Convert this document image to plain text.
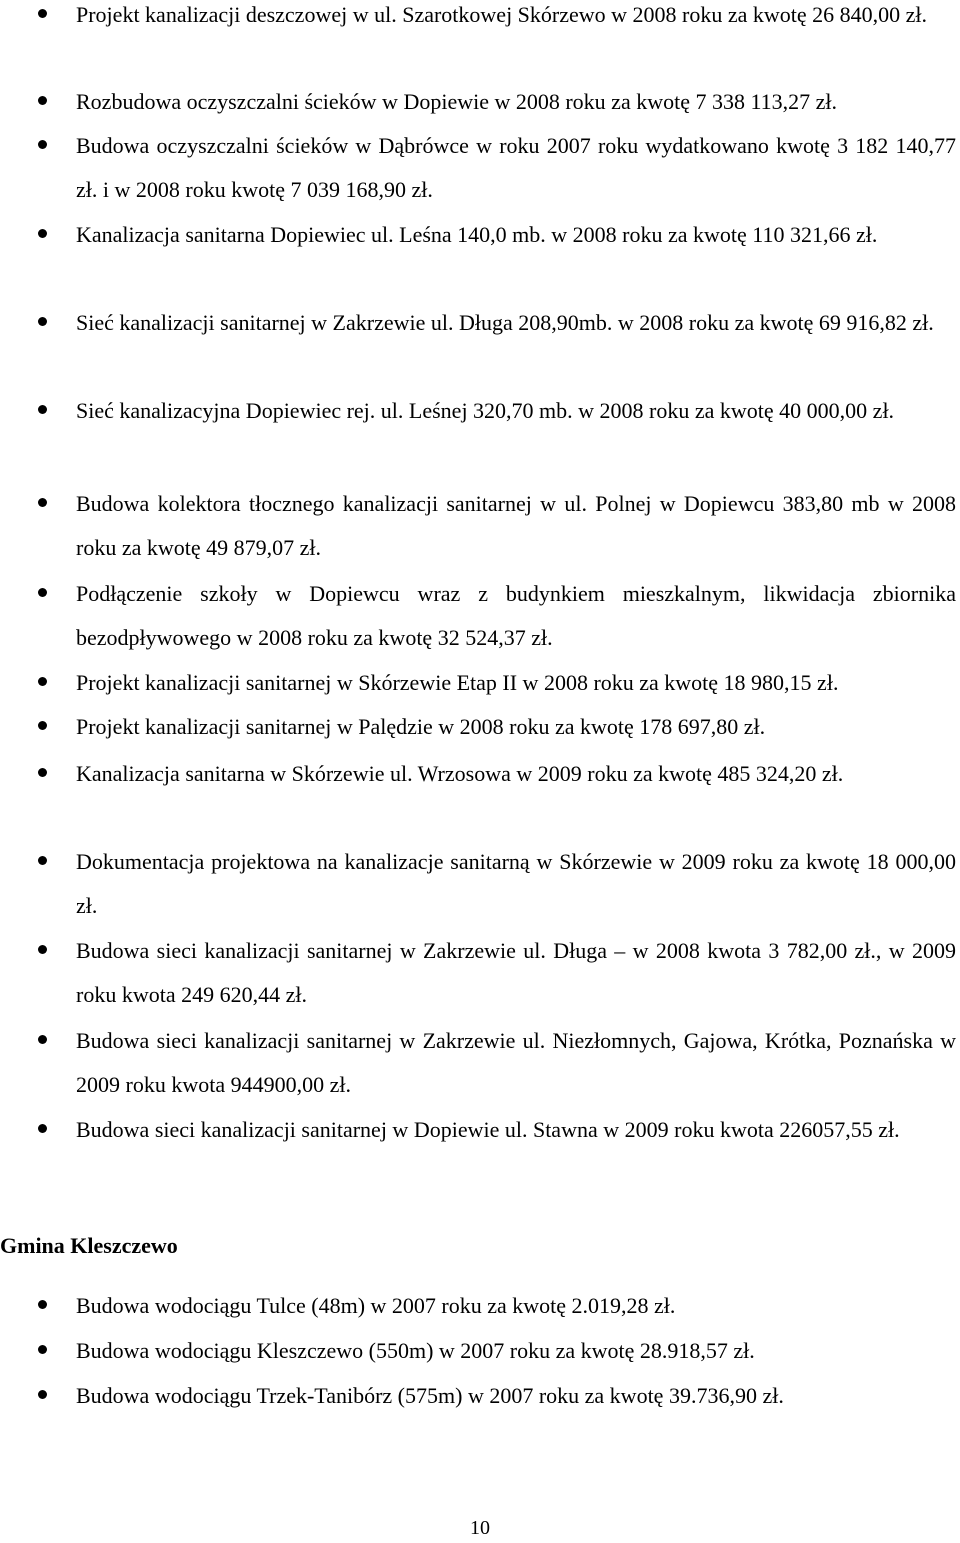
Projekt kanalizacji deszczowej w ul. Szarotkowej Skórzewo w 2008 roku za kwotę 26 840,00 zł.
Rozbudowa oczyszczalni ścieków w Dopiewie w 2008 roku za kwotę 7 338 113,27 zł.
Budowa oczyszczalni ścieków w Dąbrówce w roku 2007 roku wydatkowano kwotę 3 182 140,77 zł. i w 2008 roku kwotę 7 039 168,90 zł.
Kanalizacja sanitarna Dopiewiec ul. Leśna 140,0 mb. w 2008 roku za kwotę 110 321,66 zł.
Sieć kanalizacji sanitarnej w Zakrzewie ul. Długa 208,90mb. w 2008 roku za kwotę 69 916,82 zł.
Sieć kanalizacyjna Dopiewiec rej. ul. Leśnej 320,70 mb. w 2008 roku za kwotę 40 000,00 zł.
Budowa kolektora tłocznego kanalizacji sanitarnej w ul. Polnej w Dopiewcu 383,80 mb w 2008 roku za kwotę 49 879,07 zł.
Podłączenie szkoły w Dopiewcu wraz z budynkiem mieszkalnym, likwidacja zbiornika bezodpływowego w 2008 roku za kwotę 32 524,37 zł.
Projekt kanalizacji sanitarnej w Skórzewie Etap II w 2008 roku za kwotę 18 980,15 zł.
Projekt kanalizacji sanitarnej w Palędzie w 2008 roku za kwotę 178 697,80 zł.
Kanalizacja sanitarna w Skórzewie ul. Wrzosowa w 2009 roku za kwotę 485 324,20 zł.
Dokumentacja projektowa na kanalizacje sanitarną w Skórzewie w 2009 roku za kwotę 18 000,00 zł.
Budowa sieci kanalizacji sanitarnej w Zakrzewie ul. Długa – w 2008 kwota 3 782,00 zł., w 2009 roku kwota 249 620,44 zł.
Budowa sieci kanalizacji sanitarnej w Zakrzewie ul. Niezłomnych, Gajowa, Krótka, Poznańska w 2009 roku kwota 944900,00 zł.
Budowa sieci kanalizacji sanitarnej w Dopiewie ul. Stawna w 2009 roku kwota 226057,55 zł.
Gmina Kleszczewo
Budowa wodociągu Tulce (48m) w 2007 roku za kwotę 2.019,28 zł.
Budowa wodociągu Kleszczewo (550m) w 2007 roku za kwotę 28.918,57 zł.
Budowa wodociągu Trzek-Tanibórz (575m) w 2007 roku za kwotę 39.736,90 zł.
10
